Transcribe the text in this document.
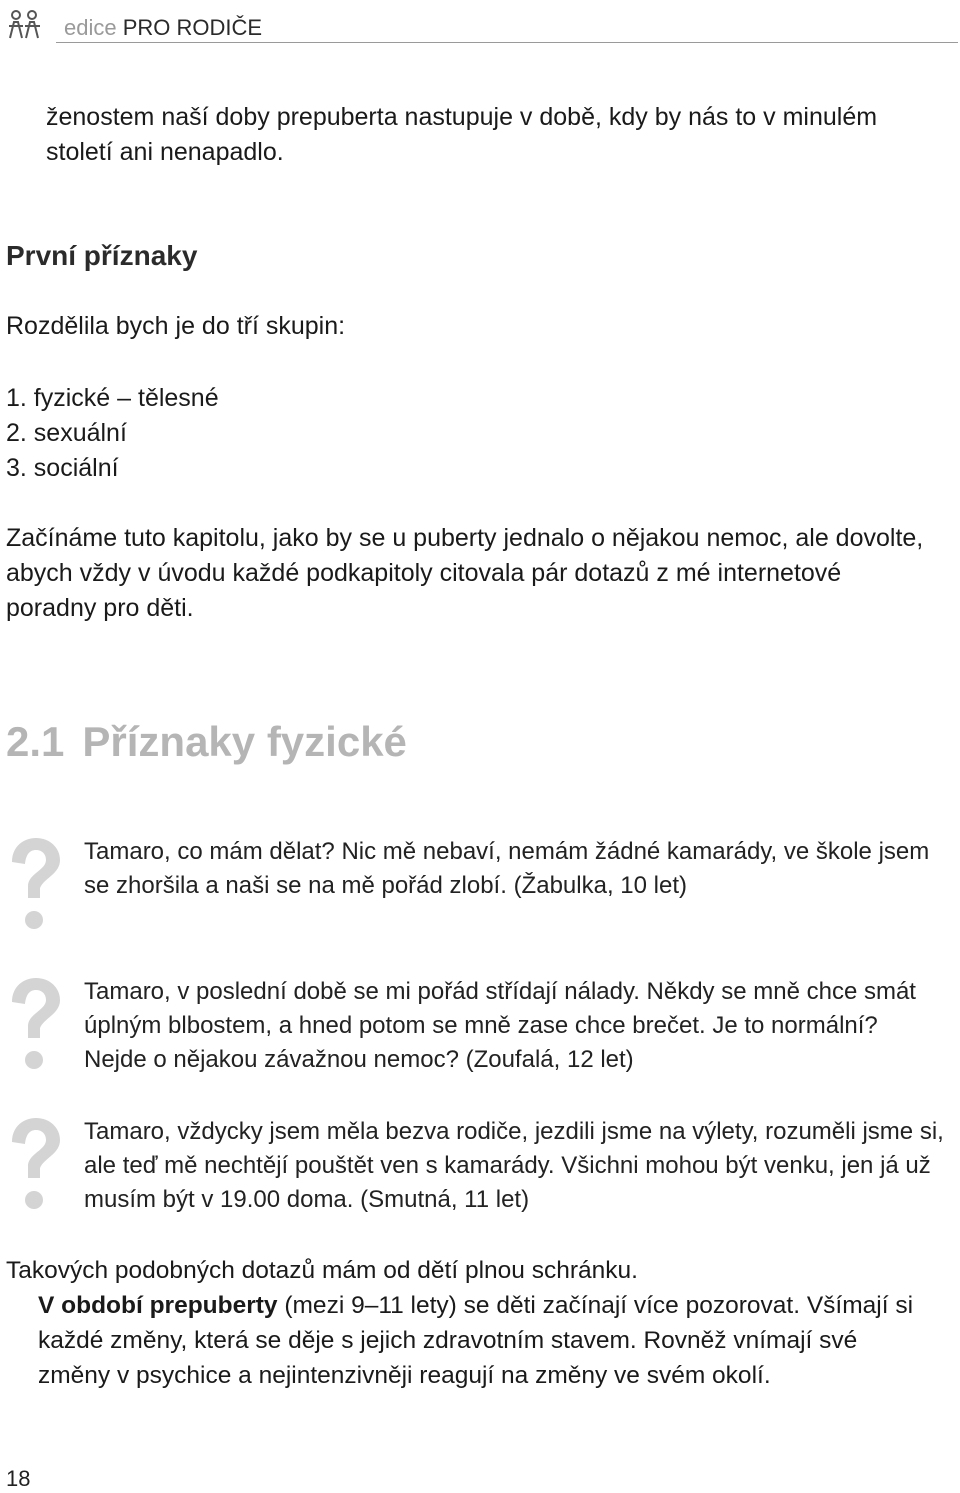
edice PRO RODIČE
ženostem naší doby prepuberta nastupuje v době, kdy by nás to v minulém století ani nenapadlo.
První příznaky
Rozdělila bych je do tří skupin:
1. fyzické – tělesné
2. sexuální
3. sociální
Začínáme tuto kapitolu, jako by se u puberty jednalo o nějakou nemoc, ale dovolte, abych vždy v úvodu každé podkapitoly citovala pár dotazů z mé internetové poradny pro děti.
2.1 Příznaky fyzické
Tamaro, co mám dělat? Nic mě nebaví, nemám žádné kamarády, ve škole jsem se zhoršila a naši se na mě pořád zlobí. (Žabulka, 10 let)
Tamaro, v poslední době se mi pořád střídají nálady. Někdy se mně chce smát úplným blbostem, a hned potom se mně zase chce brečet. Je to normální? Nejde o nějakou závažnou nemoc? (Zoufalá, 12 let)
Tamaro, vždycky jsem měla bezva rodiče, jezdili jsme na výlety, rozuměli jsme si, ale teď mě nechtějí pouštět ven s kamarády. Všichni mohou být venku, jen já už musím být v 19.00 doma. (Smutná, 11 let)
Takových podobných dotazů mám od dětí plnou schránku.
V období prepuberty (mezi 9–11 lety) se děti začínají více pozorovat. Všímají si každé změny, která se děje s jejich zdravotním stavem. Rovněž vnímají své změny v psychice a nejintenzivněji reagují na změny ve svém okolí.
18
